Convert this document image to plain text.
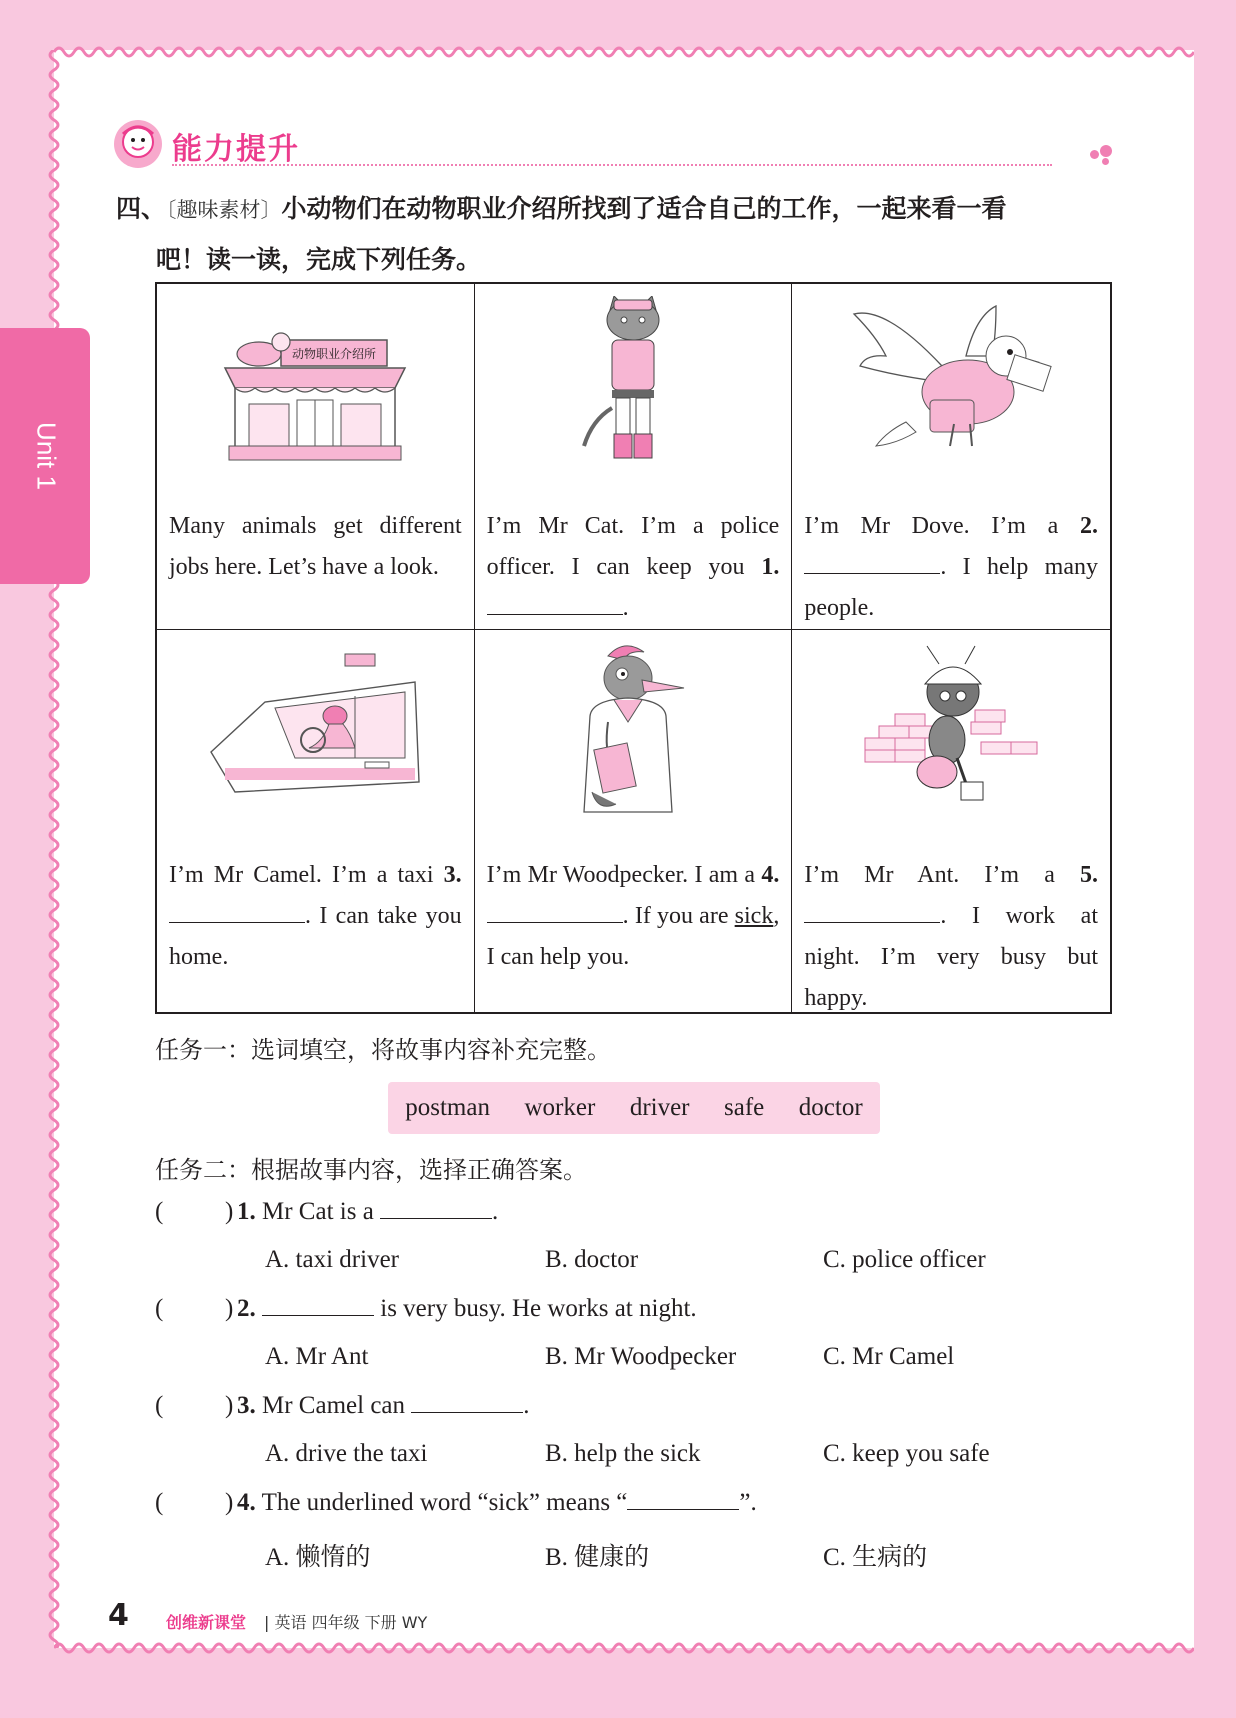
Unit 1
能力提升
四、〔趣味素材〕小动物们在动物职业介绍所找到了适合自己的工作，一起来看一看
吧！读一读，完成下列任务。
动物职业介绍所
Many animals get different jobs here. Let’s have a look.
I’m Mr Cat. I’m a police officer. I can keep you 1. .
I’m Mr Dove. I’m a 2. . I help many people.
I’m Mr Camel. I’m a taxi 3. . I can take you home.
I’m Mr Woodpecker. I am a 4. . If you are sick, I can help you.
I’m Mr Ant. I’m a 5. . I work at night. I’m very busy but happy.
任务一：选词填空，将故事内容补充完整。
postman worker driver safe doctor
任务二：根据故事内容，选择正确答案。
( ) 1. Mr Cat is a	.
A. taxi driver	B. doctor	C. police officer
( ) 2.	is very busy. He works at night.
A. Mr Ant	B. Mr Woodpecker	C. Mr Camel
( ) 3. Mr Camel can	.
A. drive the taxi	B. help the sick	C. keep you safe
( ) 4. The underlined word “sick” means “	”.
A. 懒惰的	B. 健康的	C. 生病的
4 创维新课堂 | 英语 四年级 下册 WY
